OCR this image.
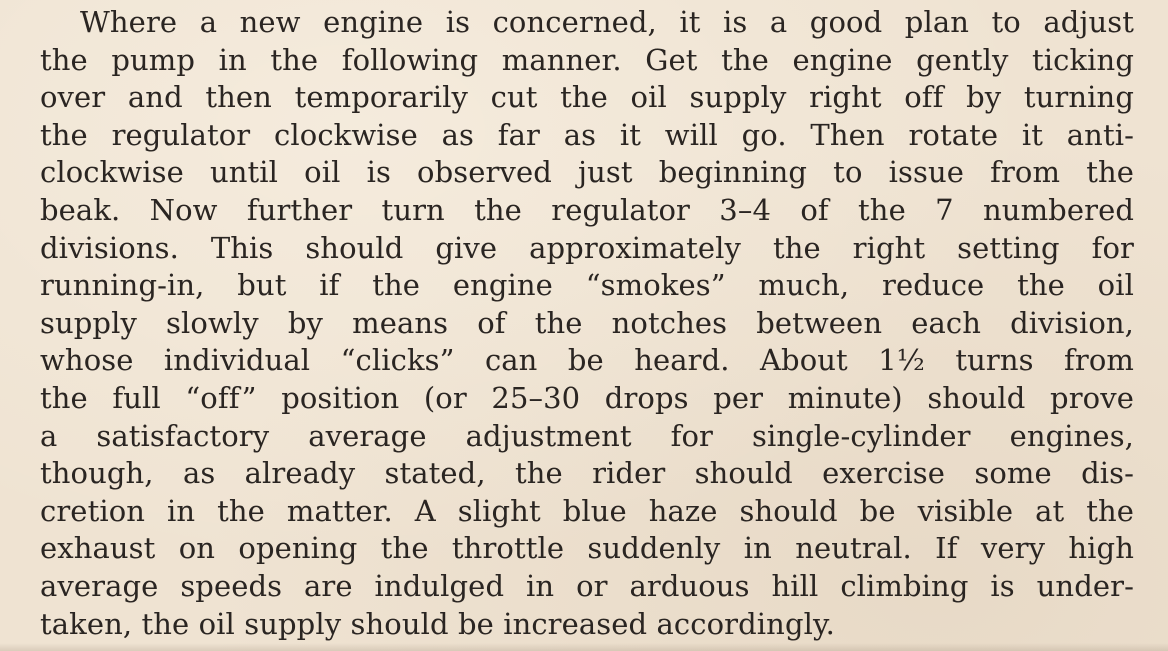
Where a new engine is concerned, it is a good plan to adjust
the pump in the following manner. Get the engine gently ticking
over and then temporarily cut the oil supply right off by turning
the regulator clockwise as far as it will go. Then rotate it anti-
clockwise until oil is observed just beginning to issue from the
beak. Now further turn the regulator 3–4 of the 7 numbered
divisions. This should give approximately the right setting for
running-in, but if the engine “smokes” much, reduce the oil
supply slowly by means of the notches between each division,
whose individual “clicks” can be heard. About 1½ turns from
the full “off” position (or 25–30 drops per minute) should prove
a satisfactory average adjustment for single-cylinder engines,
though, as already stated, the rider should exercise some dis-
cretion in the matter. A slight blue haze should be visible at the
exhaust on opening the throttle suddenly in neutral. If very high
average speeds are indulged in or arduous hill climbing is under-
taken, the oil supply should be increased accordingly.
